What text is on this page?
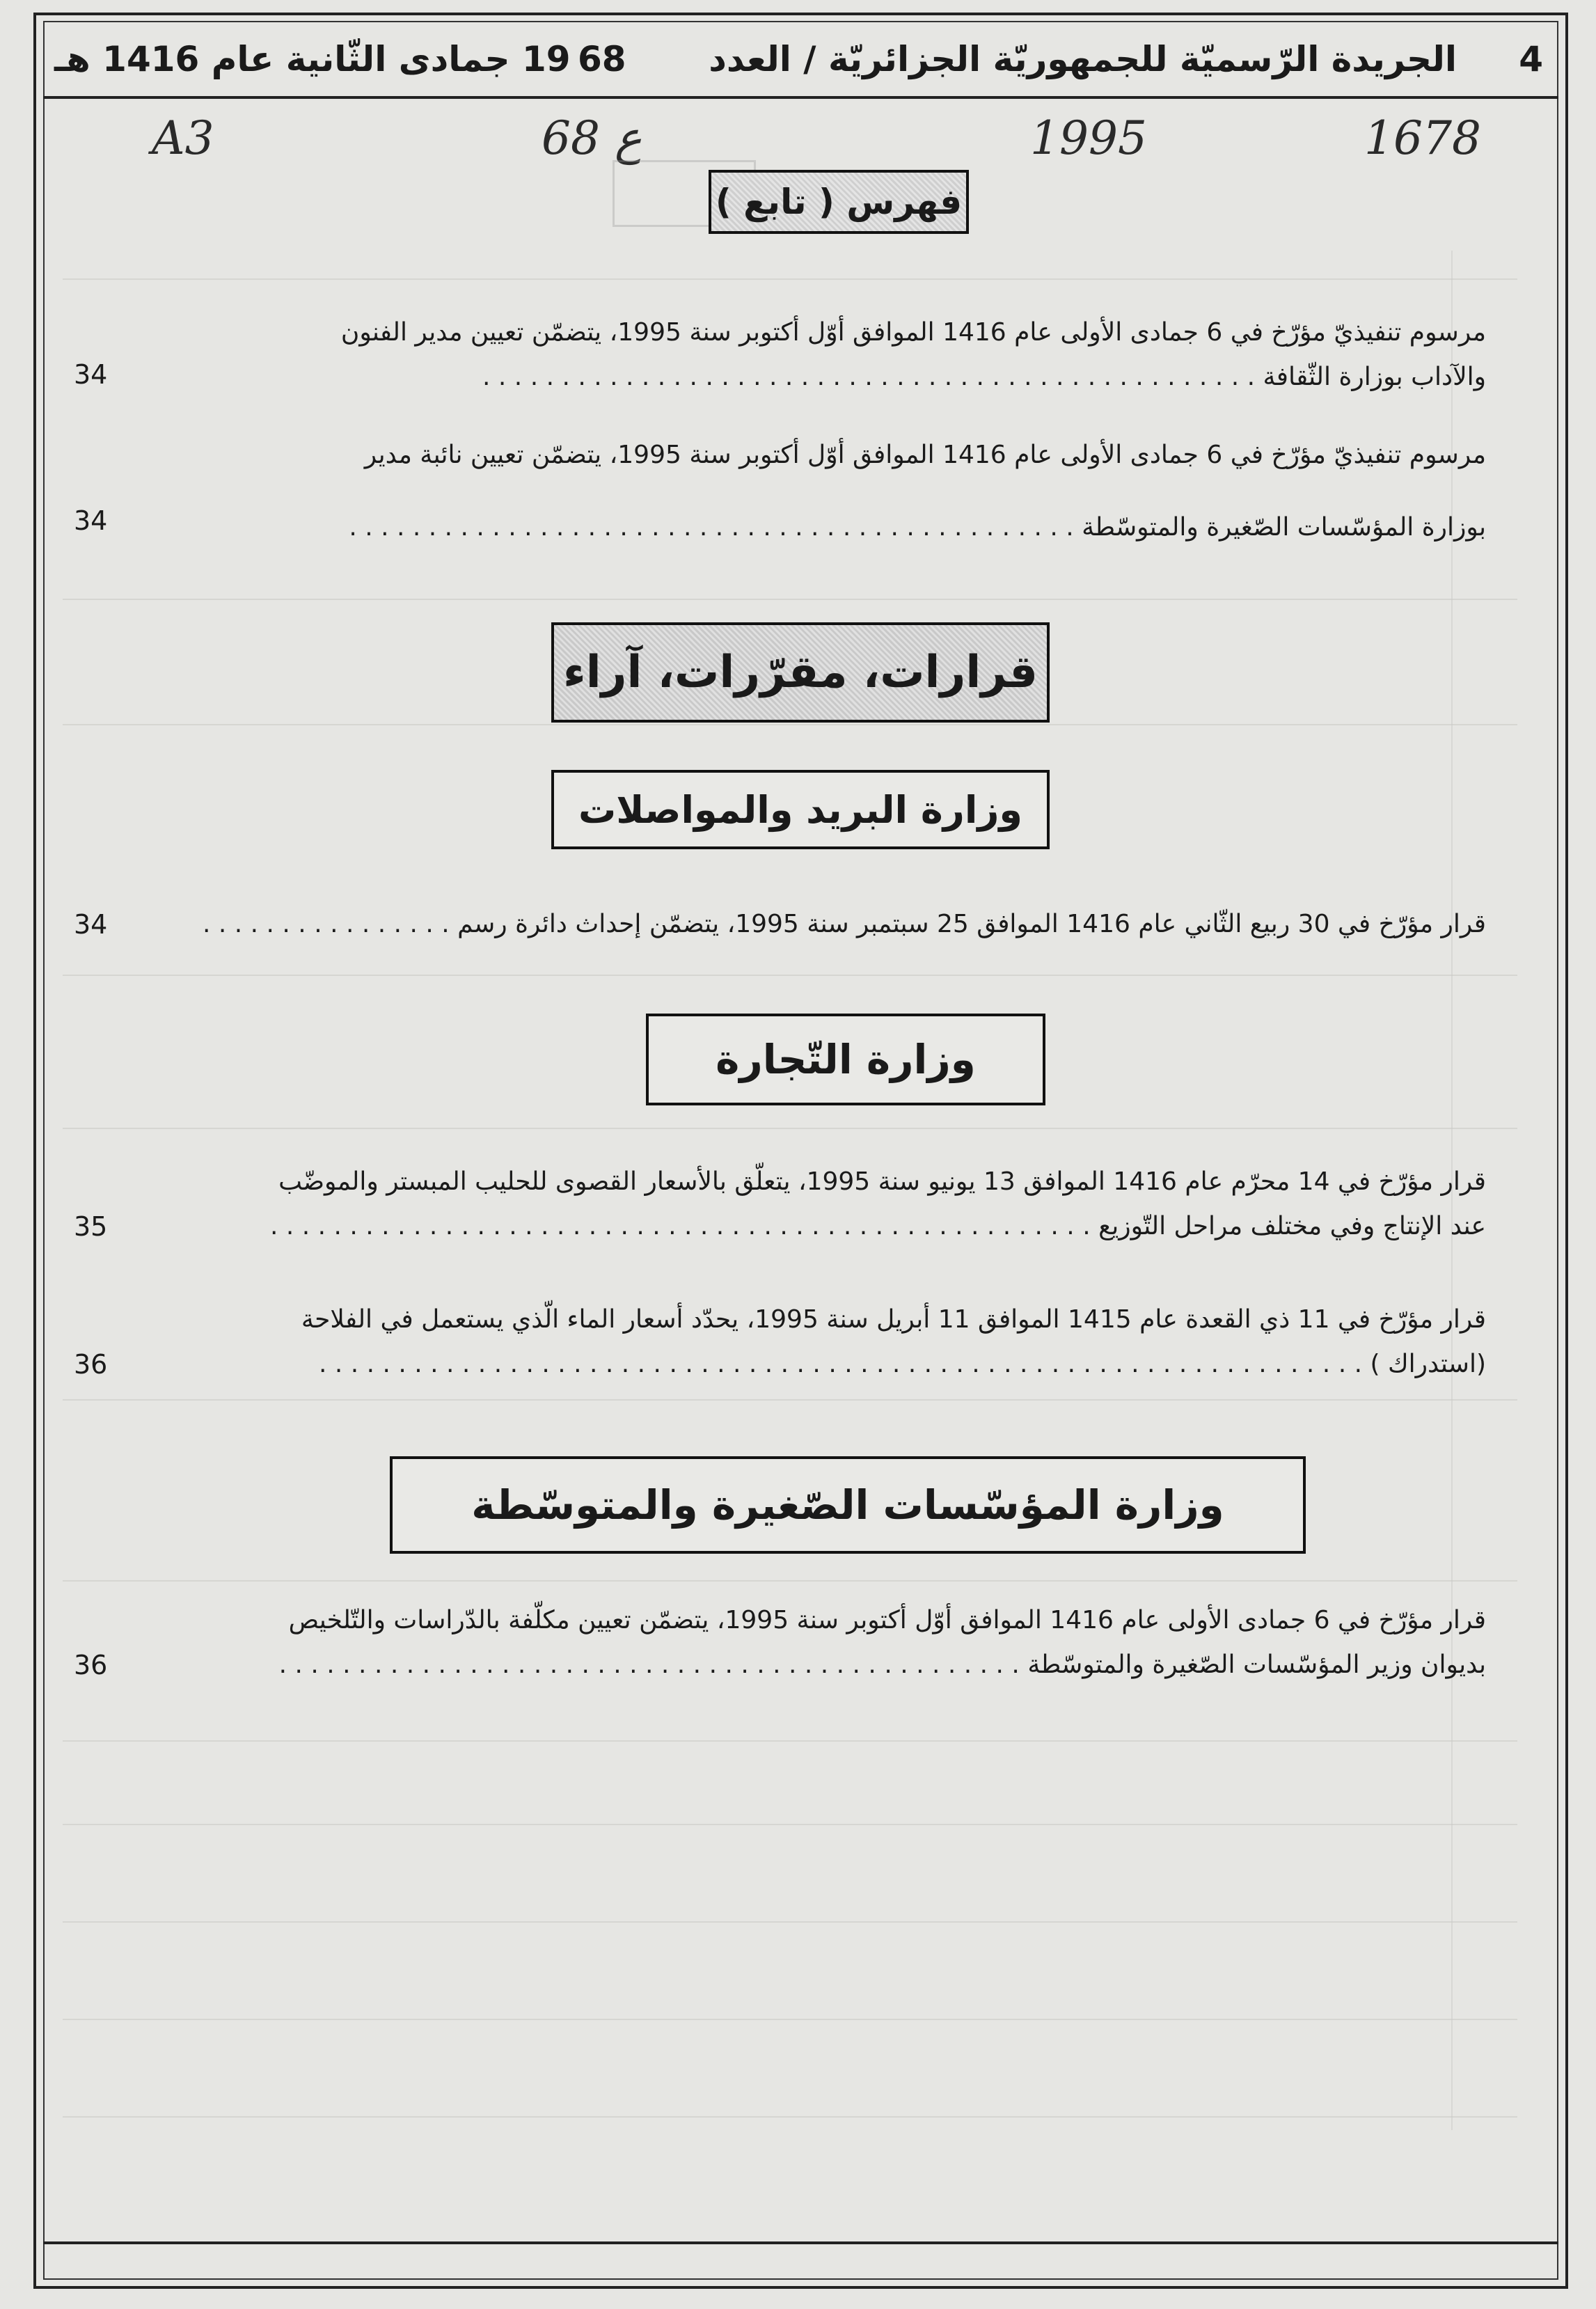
4
الجريدة الرّسميّة للجمهوريّة الجزائريّة / العدد
68
19 جمادى الثّانية عام 1416 هـ
A3	68 ع	1995	1678
فهرس ( تابع )
مرسوم تنفيذيّ مؤرّخ في 6 جمادى الأولى عام 1416 الموافق أوّل أكتوبر سنة 1995، يتضمّن تعيين مدير الفنون
والآداب بوزارة الثّقافة . . . . . . . . . . . . . . . . . . . . . . . . . . . . . . . . . . . . . . . . . . . . . . . . .
34
مرسوم تنفيذيّ مؤرّخ في 6 جمادى الأولى عام 1416 الموافق أوّل أكتوبر سنة 1995، يتضمّن تعيين نائبة مدير
بوزارة المؤسّسات الصّغيرة والمتوسّطة . . . . . . . . . . . . . . . . . . . . . . . . . . . . . . . . . . . . . . . . . . . . . .
34
قرارات، مقرّرات، آراء
وزارة البريد والمواصلات
قرار مؤرّخ في 30 ربيع الثّاني عام 1416 الموافق 25 سبتمبر سنة 1995، يتضمّن إحداث دائرة رسم . . . . . . . . . . . . . . . .
34
وزارة التّجارة
قرار مؤرّخ في 14 محرّم عام 1416 الموافق 13 يونيو سنة 1995، يتعلّق بالأسعار القصوى للحليب المبستر والموضّب
عند الإنتاج وفي مختلف مراحل التّوزيع . . . . . . . . . . . . . . . . . . . . . . . . . . . . . . . . . . . . . . . . . . . . . . . . . . . .
35
قرار مؤرّخ في 11 ذي القعدة عام 1415 الموافق 11 أبريل سنة 1995، يحدّد أسعار الماء الّذي يستعمل في الفلاحة
(استدراك ) . . . . . . . . . . . . . . . . . . . . . . . . . . . . . . . . . . . . . . . . . . . . . . . . . . . . . . . . . . . . . . . . . .
36
وزارة المؤسّسات الصّغيرة والمتوسّطة
قرار مؤرّخ في 6 جمادى الأولى عام 1416 الموافق أوّل أكتوبر سنة 1995، يتضمّن تعيين مكلّفة بالدّراسات والتّلخيص
بديوان وزير المؤسّسات الصّغيرة والمتوسّطة . . . . . . . . . . . . . . . . . . . . . . . . . . . . . . . . . . . . . . . . . . . . . . .
36
